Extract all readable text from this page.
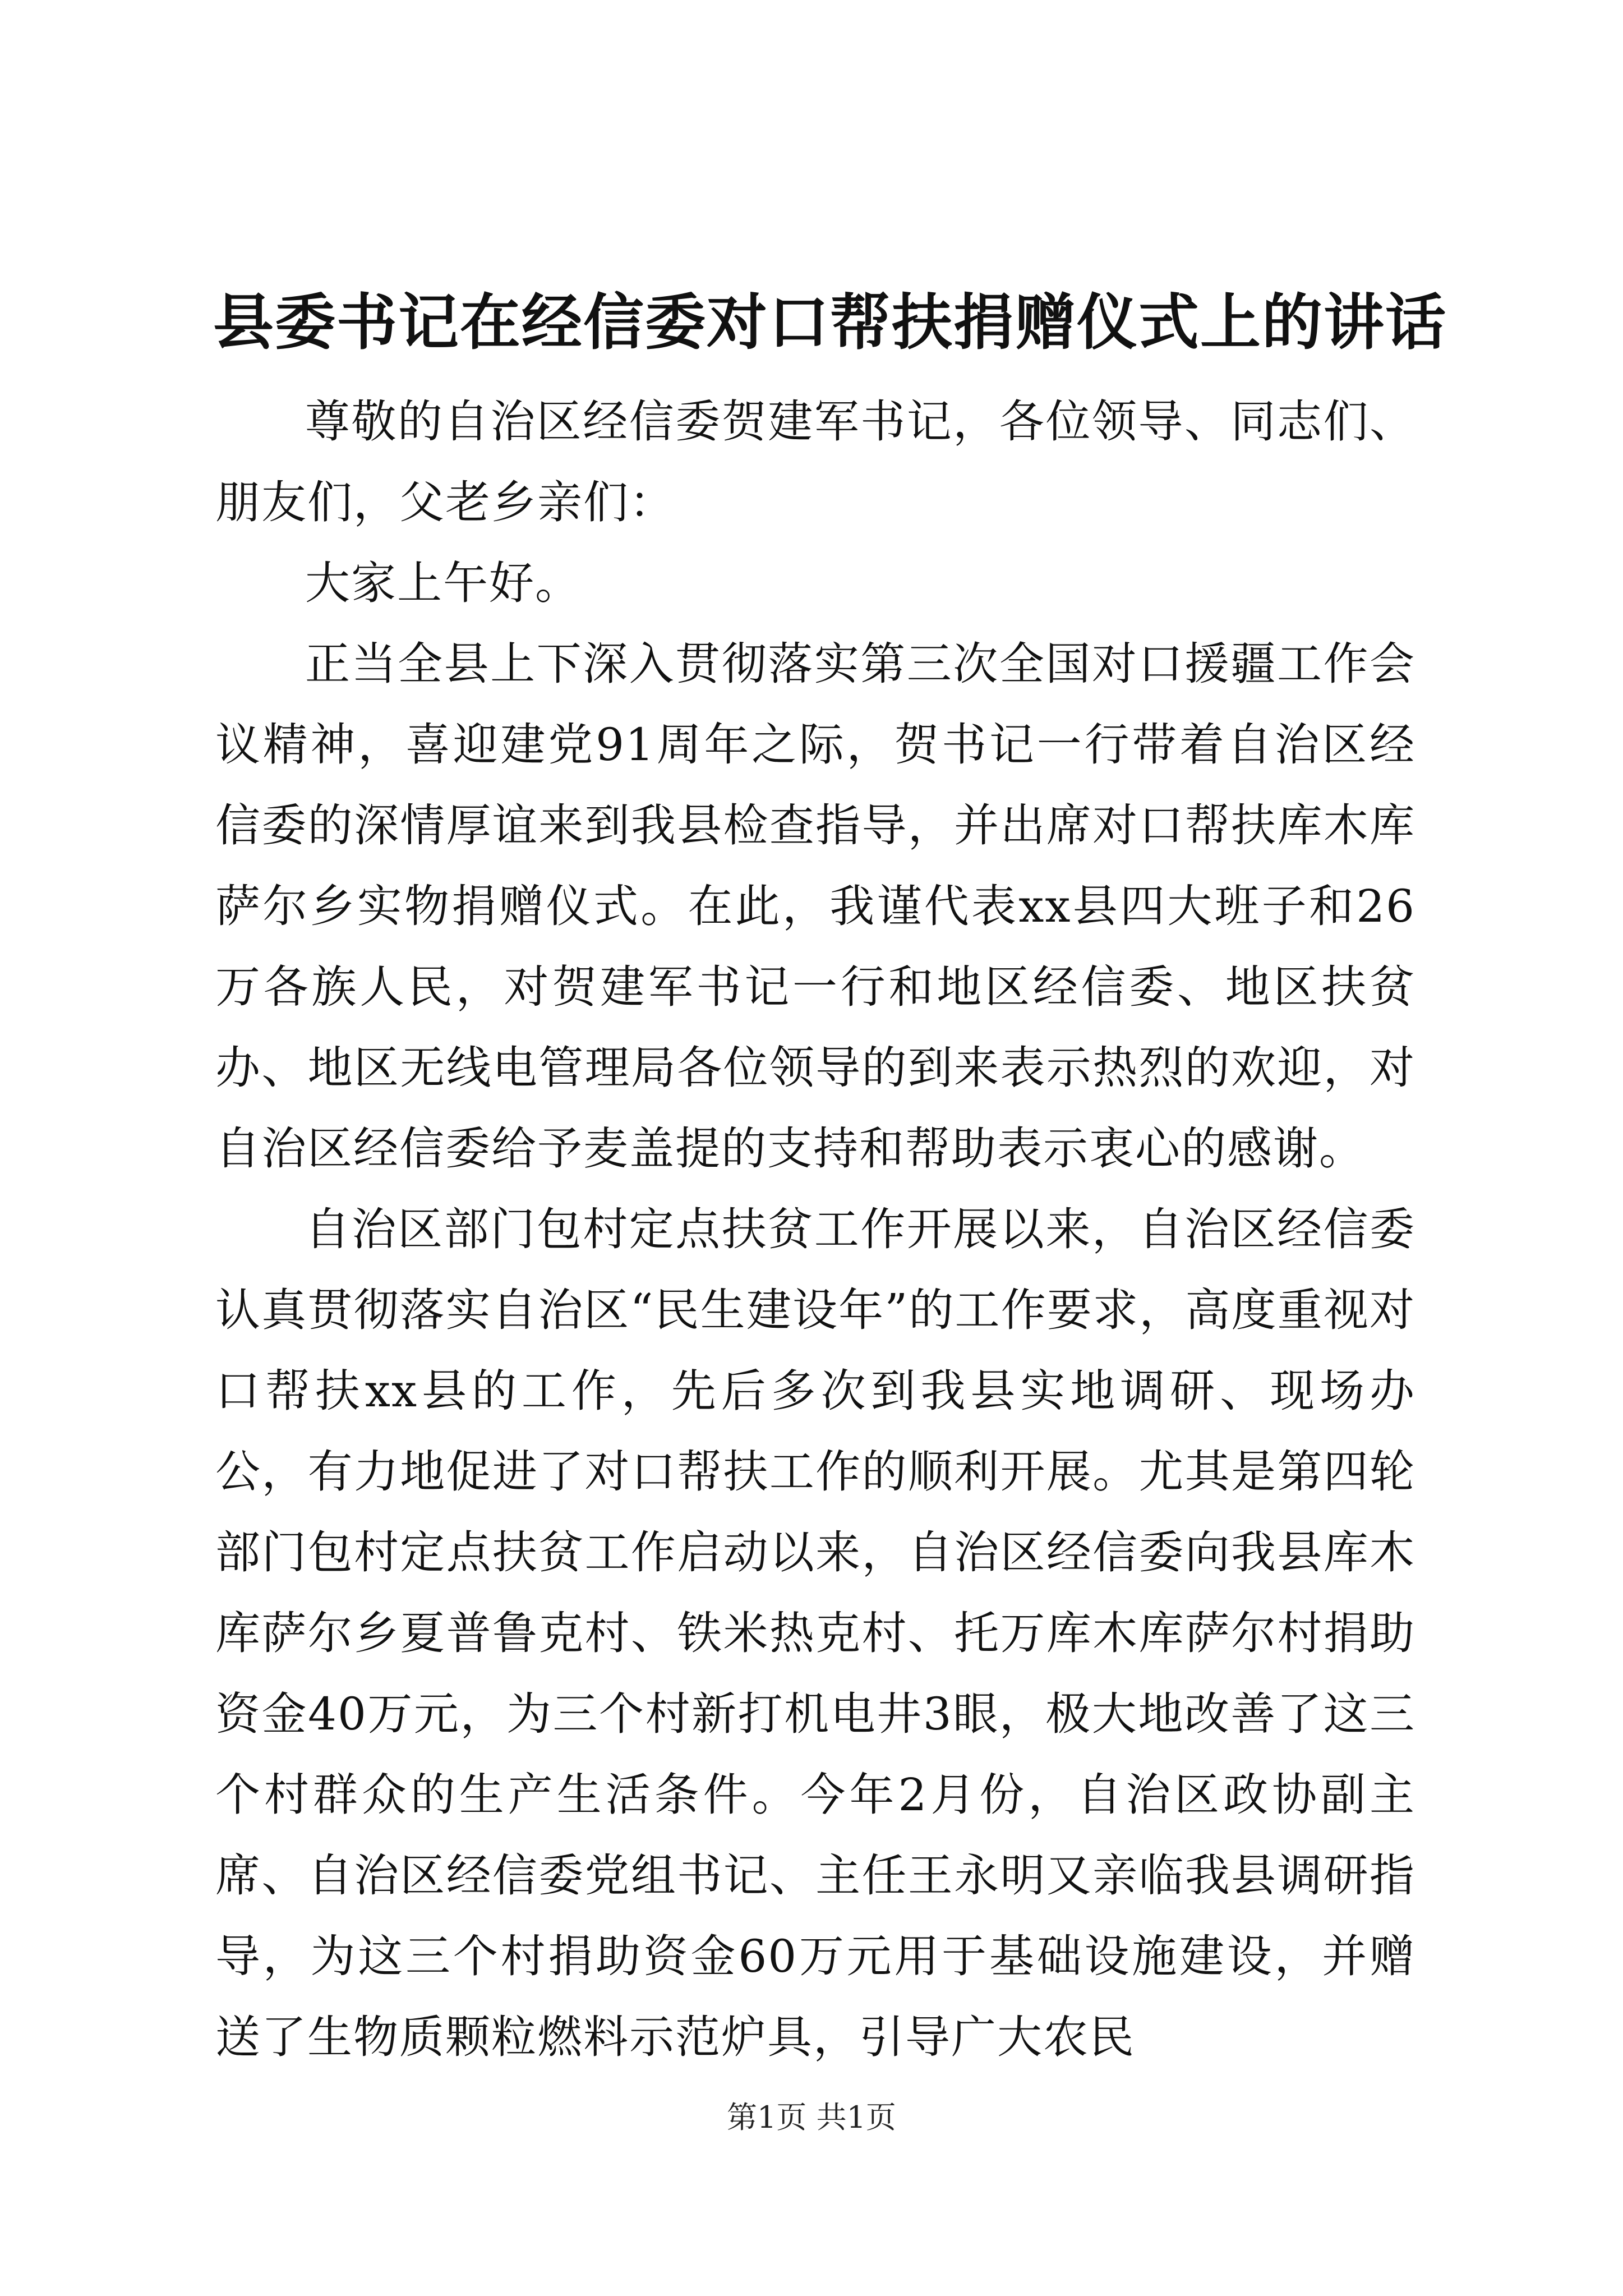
县委书记在经信委对口帮扶捐赠仪式上的讲话

尊敬的自治区经信委贺建军书记，各位领导、同志们、朋友们，父老乡亲们：

大家上午好。

正当全县上下深入贯彻落实第三次全国对口援疆工作会议精神，喜迎建党91周年之际，贺书记一行带着自治区经信委的深情厚谊来到我县检查指导，并出席对口帮扶库木库萨尔乡实物捐赠仪式。在此，我谨代表xx县四大班子和26万各族人民，对贺建军书记一行和地区经信委、地区扶贫办、地区无线电管理局各位领导的到来表示热烈的欢迎，对自治区经信委给予麦盖提的支持和帮助表示衷心的感谢。

自治区部门包村定点扶贫工作开展以来，自治区经信委认真贯彻落实自治区“民生建设年”的工作要求，高度重视对口帮扶xx县的工作，先后多次到我县实地调研、现场办公，有力地促进了对口帮扶工作的顺利开展。尤其是第四轮部门包村定点扶贫工作启动以来，自治区经信委向我县库木库萨尔乡夏普鲁克村、铁米热克村、托万库木库萨尔村捐助资金40万元，为三个村新打机电井3眼，极大地改善了这三个村群众的生产生活条件。今年2月份，自治区政协副主席、自治区经信委党组书记、主任王永明又亲临我县调研指导，为这三个村捐助资金60万元用于基础设施建设，并赠送了生物质颗粒燃料示范炉具，引导广大农民

第1页 共1页
